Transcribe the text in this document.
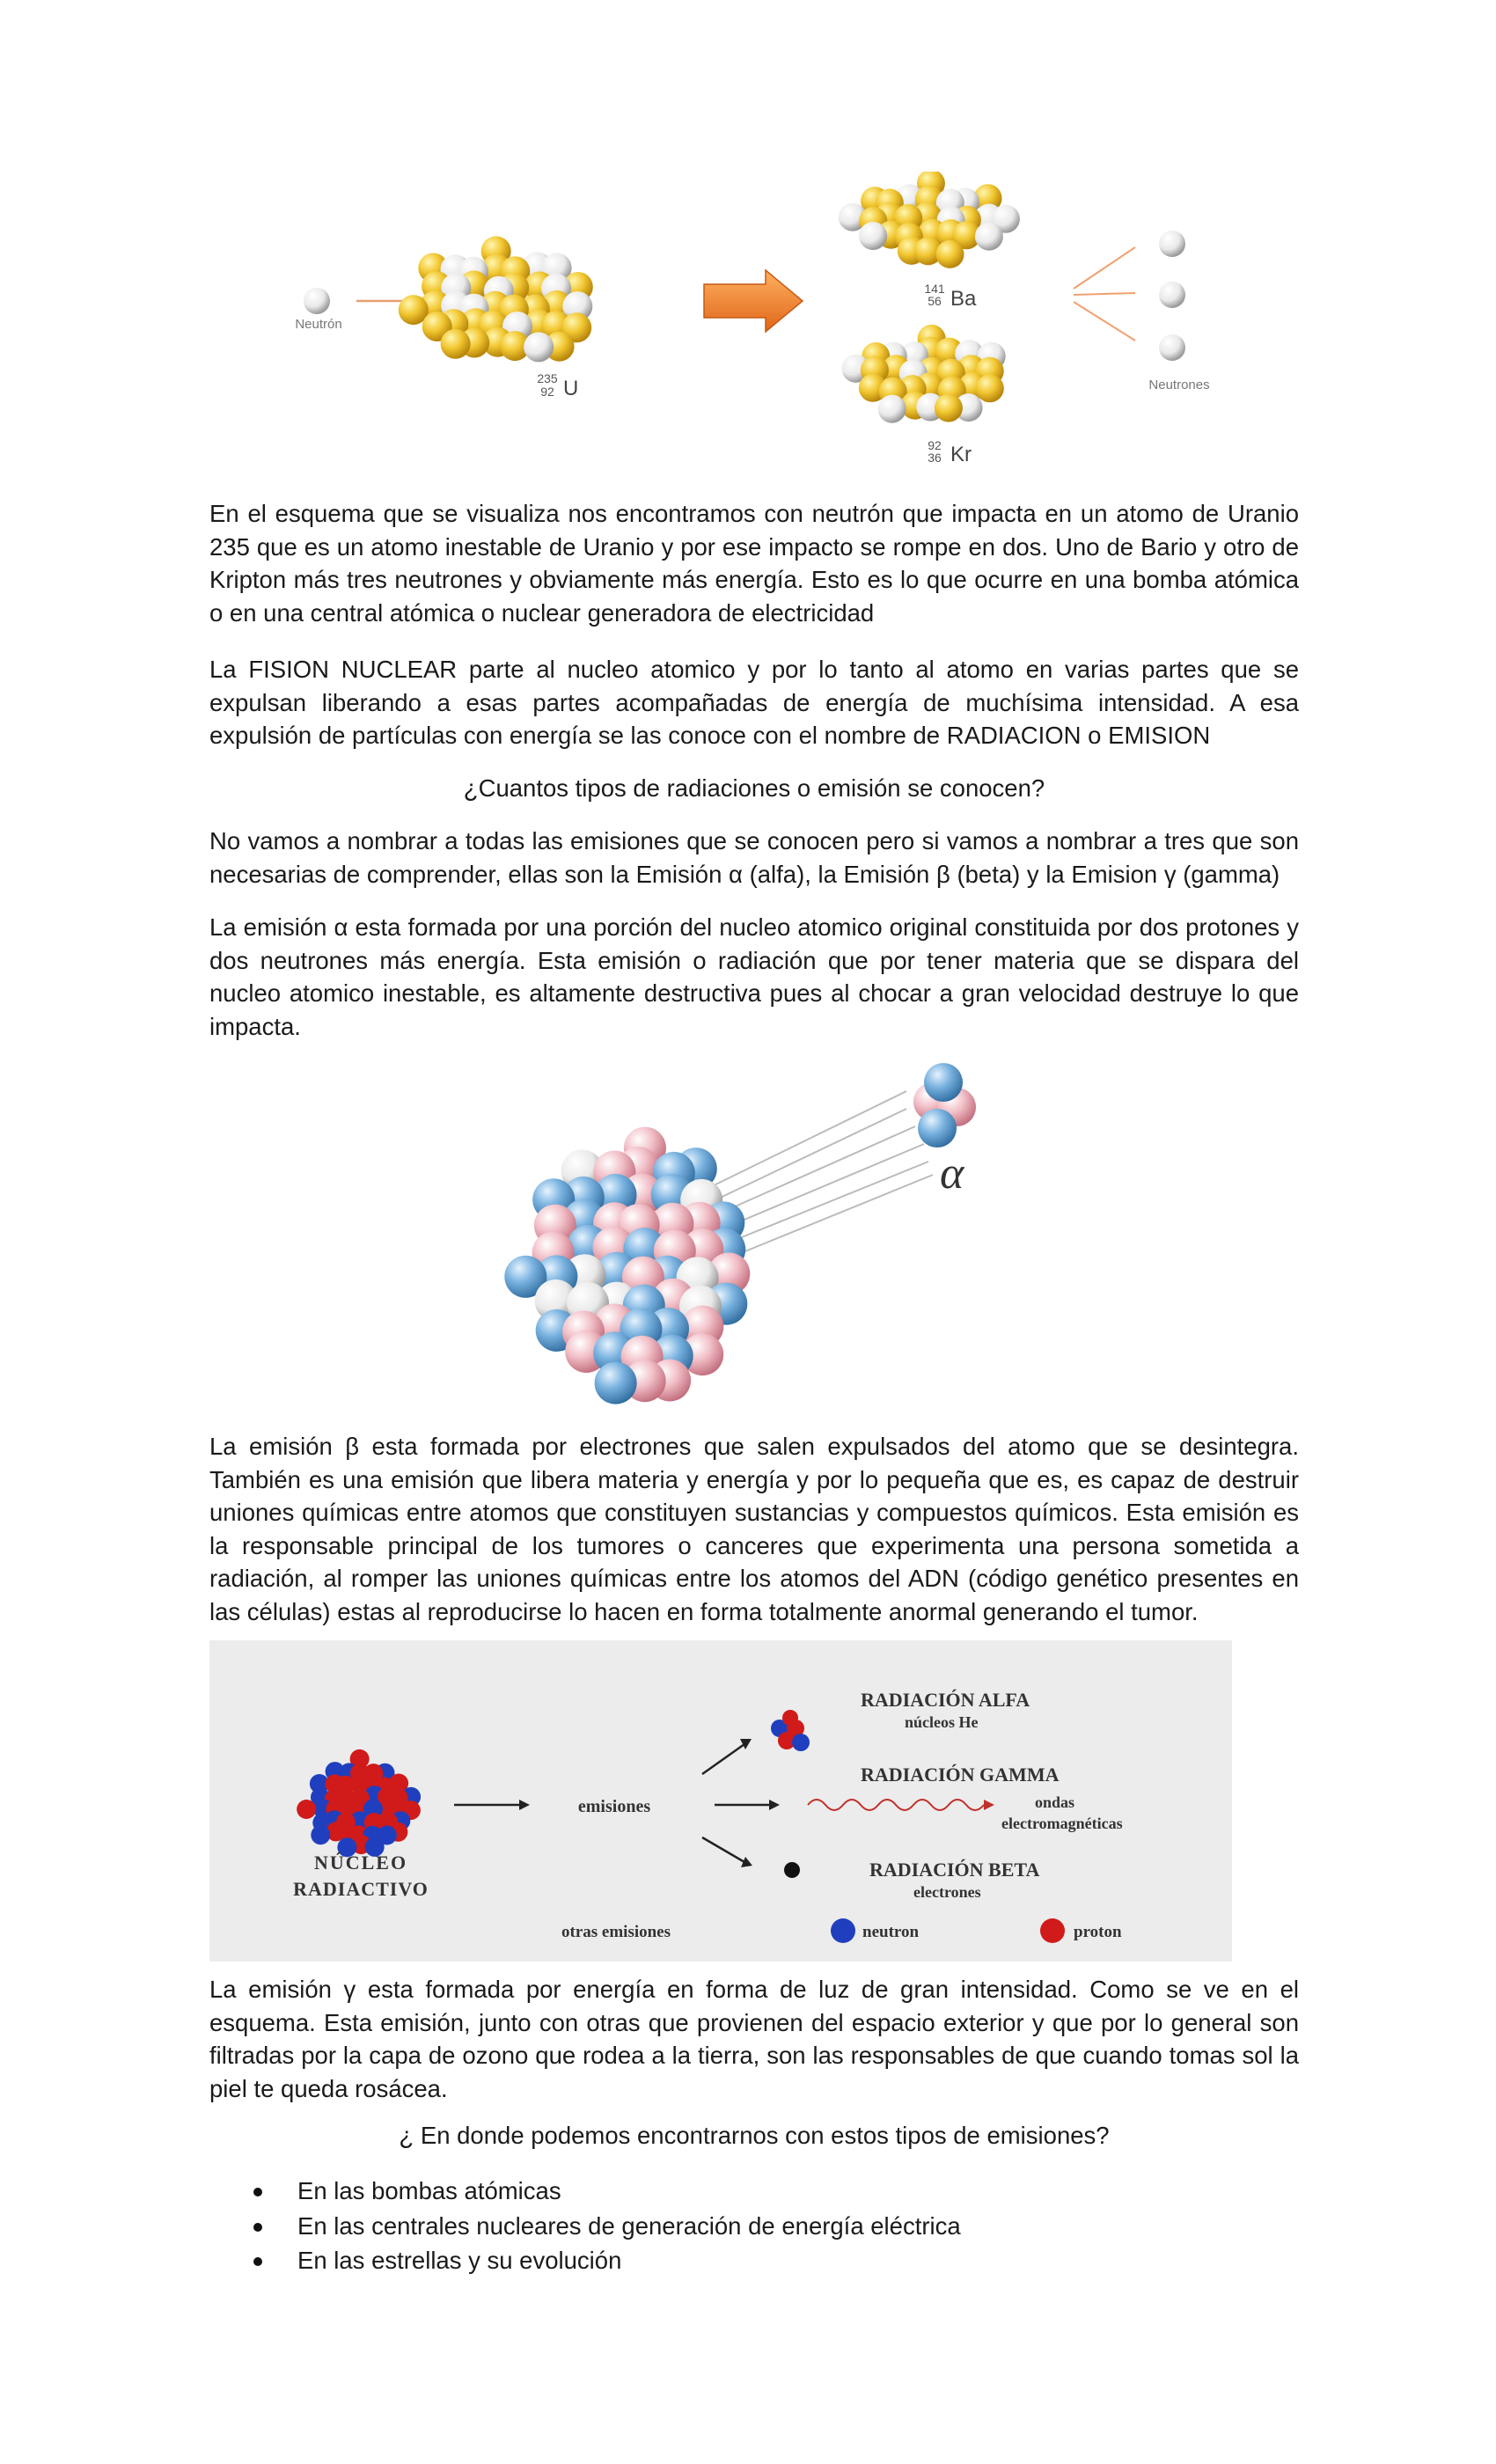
Neutrón
235
92 U
141
56 Ba
92
36 Kr
Neutrones

En el esquema que se visualiza nos encontramos con neutrón que impacta en un atomo de Uranio 235 que es un atomo inestable de Uranio y por ese impacto se rompe en dos. Uno de Bario y otro de Kripton más tres neutrones y obviamente más energía. Esto es lo que ocurre en una bomba atómica o en una central atómica o nuclear generadora de electricidad

La FISION NUCLEAR parte al nucleo atomico y por lo tanto al atomo en varias partes que se expulsan liberando a esas partes acompañadas de energía de muchísima intensidad. A esa expulsión de partículas con energía se las conoce con el nombre de RADIACION o EMISION

¿Cuantos tipos de radiaciones o emisión se conocen?

No vamos a nombrar a todas las emisiones que se conocen pero si vamos a nombrar a tres que son necesarias de comprender, ellas son la Emisión α (alfa), la Emisión β (beta) y la Emision γ (gamma)

La emisión α esta formada por una porción del nucleo atomico original constituida por dos protones y dos neutrones más energía. Esta emisión o radiación que por tener materia que se dispara del nucleo atomico inestable, es altamente destructiva pues al chocar a gran velocidad destruye lo que impacta.

α

La emisión β esta formada por electrones que salen expulsados del atomo que se desintegra. También es una emisión que libera materia y energía y por lo pequeña que es, es capaz de destruir uniones químicas entre atomos que constituyen sustancias y compuestos químicos. Esta emisión es la responsable principal de los tumores o canceres que experimenta una persona sometida a radiación, al romper las uniones químicas entre los atomos del ADN (código genético presentes en las células) estas al reproducirse lo hacen en forma totalmente anormal generando el tumor.

NÚCLEO
RADIACTIVO
emisiones
RADIACIÓN ALFA
núcleos He
RADIACIÓN GAMMA
ondas
electromagnéticas
RADIACIÓN BETA
electrones
otras emisiones	neutron	proton

La emisión γ esta formada por energía en forma de luz de gran intensidad. Como se ve en el esquema. Esta emisión, junto con otras que provienen del espacio exterior y que por lo general son filtradas por la capa de ozono que rodea a la tierra, son las responsables de que cuando tomas sol la piel te queda rosácea.

¿ En donde podemos encontrarnos con estos tipos de emisiones?

En las bombas atómicas
En las centrales nucleares de generación de energía eléctrica
En las estrellas y su evolución
